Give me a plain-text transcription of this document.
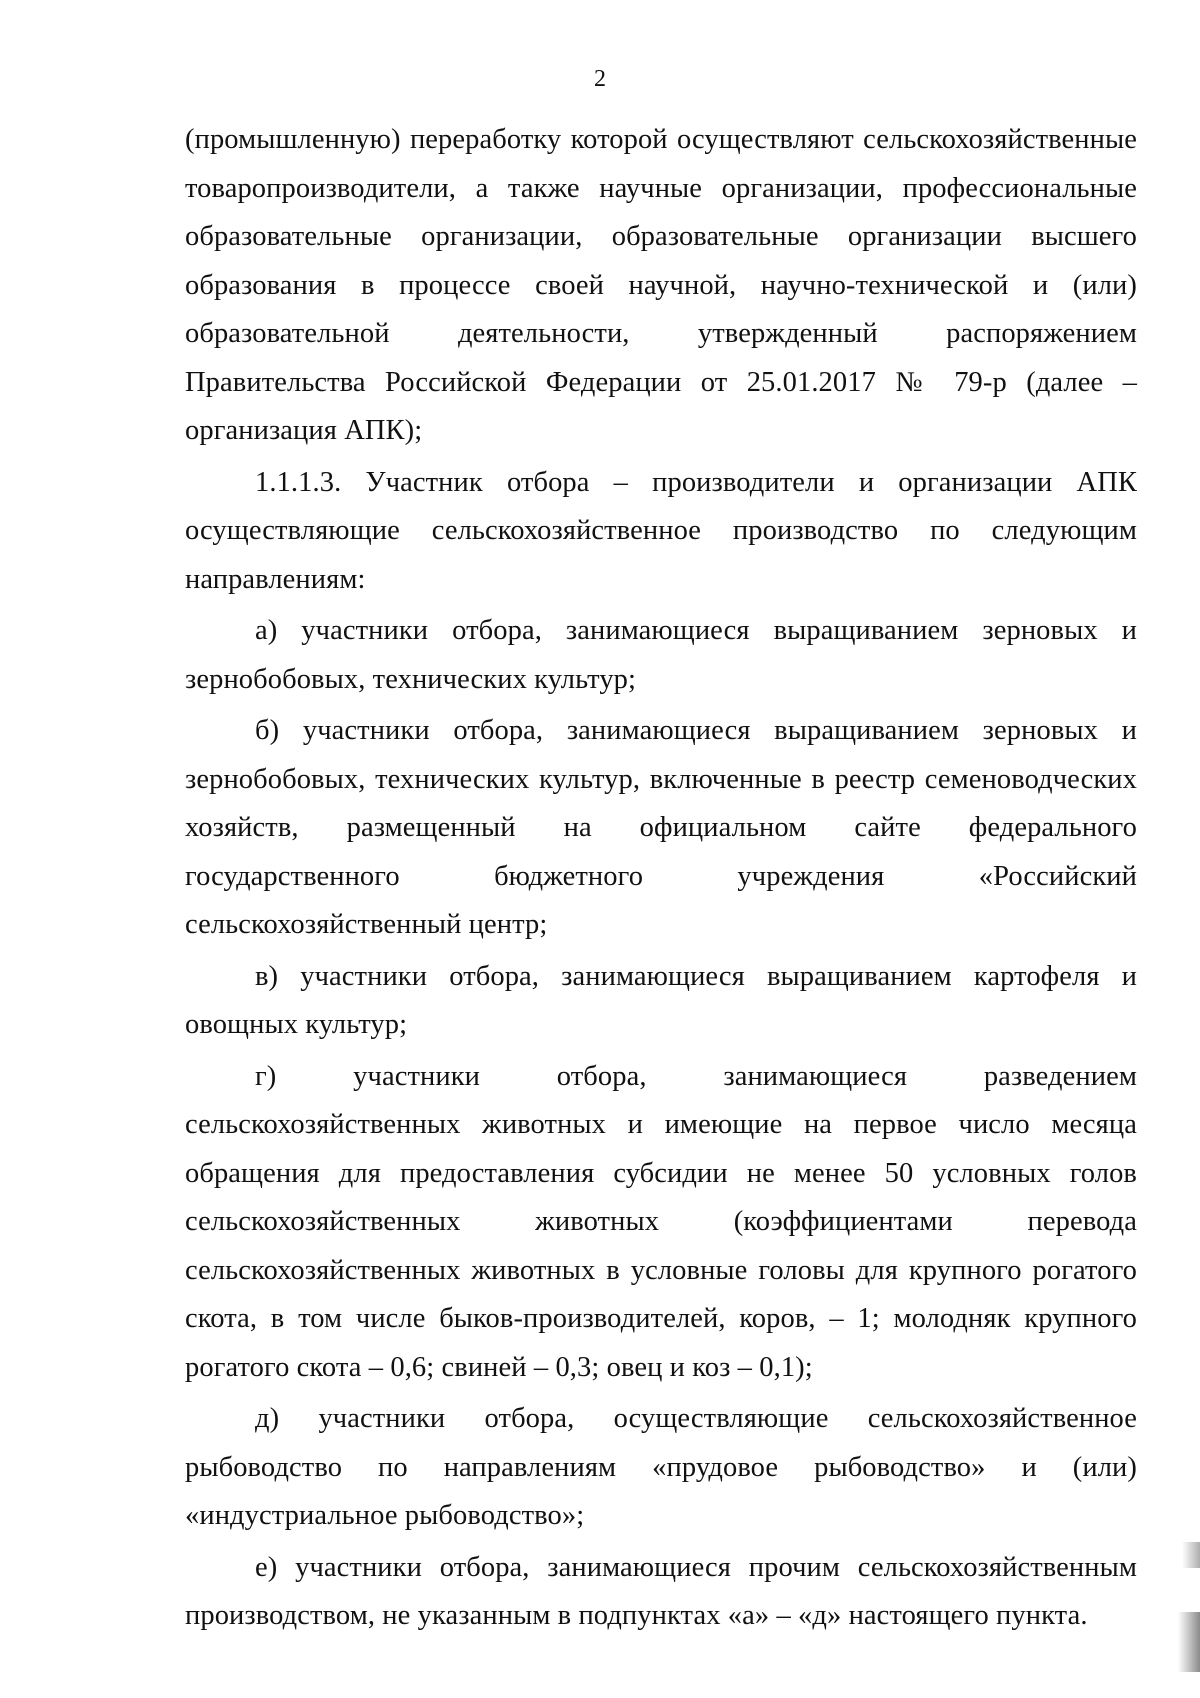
2

(промышленную) переработку которой осуществляют сельскохозяйственные товаропроизводители, а также научные организации, профессиональные образовательные организации, образовательные организации высшего образования в процессе своей научной, научно-технической и (или) образовательной деятельности, утвержденный распоряжением Правительства Российской Федерации от 25.01.2017 № 79-р (далее – организация АПК);

1.1.1.3. Участник отбора – производители и организации АПК осуществляющие сельскохозяйственное производство по следующим направлениям:

а) участники отбора, занимающиеся выращиванием зерновых и зернобобовых, технических культур;

б) участники отбора, занимающиеся выращиванием зерновых и зернобобовых, технических культур, включенные в реестр семеноводческих хозяйств, размещенный на официальном сайте федерального государственного бюджетного учреждения «Российский сельскохозяйственный центр;

в) участники отбора, занимающиеся выращиванием картофеля и овощных культур;

г) участники отбора, занимающиеся разведением сельскохозяйственных животных и имеющие на первое число месяца обращения для предоставления субсидии не менее 50 условных голов сельскохозяйственных животных (коэффициентами перевода сельскохозяйственных животных в условные головы для крупного рогатого скота, в том числе быков-производителей, коров, – 1; молодняк крупного рогатого скота – 0,6; свиней – 0,3; овец и коз – 0,1);

д) участники отбора, осуществляющие сельскохозяйственное рыбоводство по направлениям «прудовое рыбоводство» и (или) «индустриальное рыбоводство»;

е) участники отбора, занимающиеся прочим сельскохозяйственным производством, не указанным в подпунктах «а» – «д» настоящего пункта.
